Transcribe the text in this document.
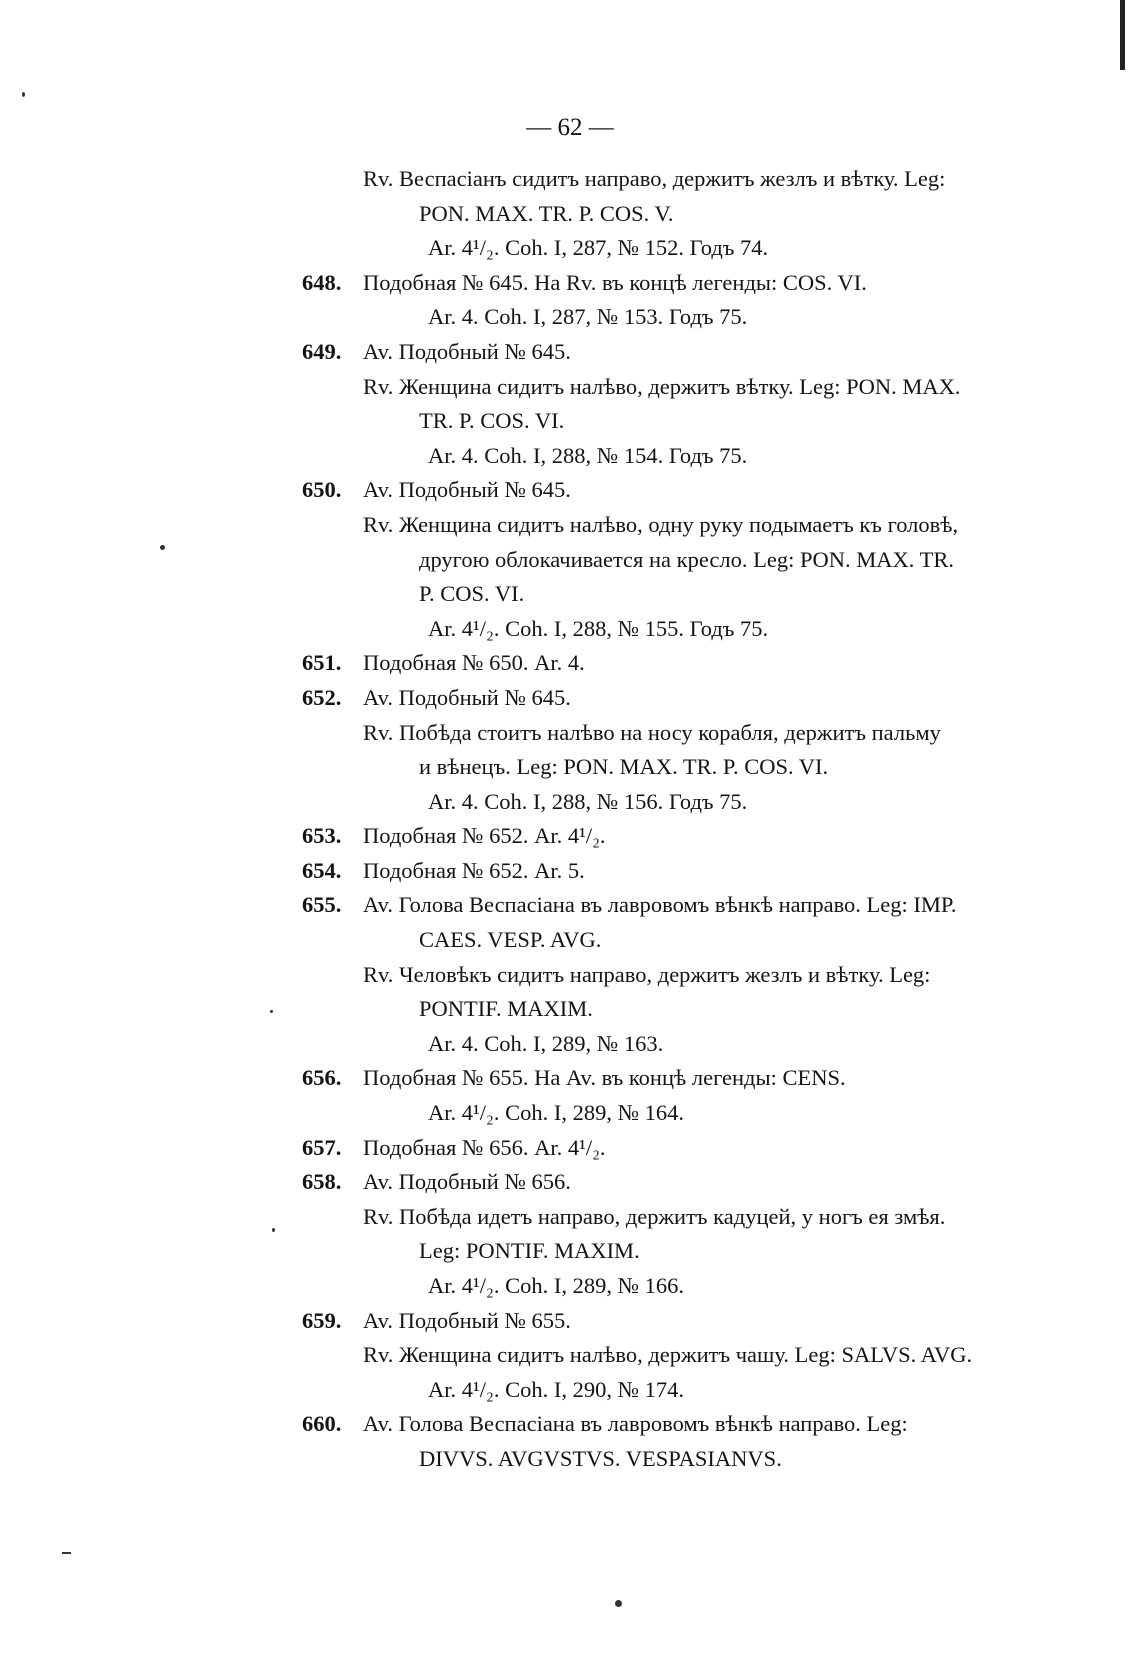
— 62 —
Rv. Веспасіанъ сидитъ направо, держитъ жезлъ и вѣтку. Leg:
PON. MAX. TR. P. COS. V.
Ar. 4¹/₂. Coh. I, 287, № 152. Годъ 74.
648. Подобная № 645. На Rv. въ концѣ легенды: COS. VI.
Ar. 4. Coh. I, 287, № 153. Годъ 75.
649. Av. Подобный № 645.
Rv. Женщина сидитъ налѣво, держитъ вѣтку. Leg: PON. MAX.
TR. P. COS. VI.
Ar. 4. Coh. I, 288, № 154. Годъ 75.
650. Av. Подобный № 645.
Rv. Женщина сидитъ налѣво, одну руку подымаетъ къ головѣ,
другою облокачивается на кресло. Leg: PON. MAX. TR.
P. COS. VI.
Ar. 4¹/₂. Coh. I, 288, № 155. Годъ 75.
651. Подобная № 650. Ar. 4.
652. Av. Подобный № 645.
Rv. Побѣда стоитъ налѣво на носу корабля, держитъ пальму
и вѣнецъ. Leg: PON. MAX. TR. P. COS. VI.
Ar. 4. Coh. I, 288, № 156. Годъ 75.
653. Подобная № 652. Ar. 4¹/₂.
654. Подобная № 652. Ar. 5.
655. Av. Голова Веспасіана въ лавровомъ вѣнкѣ направо. Leg: IMP.
CAES. VESP. AVG.
Rv. Человѣкъ сидитъ направо, держитъ жезлъ и вѣтку. Leg:
PONTIF. MAXIM.
Ar. 4. Coh. I, 289, № 163.
656. Подобная № 655. На Av. въ концѣ легенды: CENS.
Ar. 4¹/₂. Coh. I, 289, № 164.
657. Подобная № 656. Ar. 4¹/₂.
658. Av. Подобный № 656.
Rv. Побѣда идетъ направо, держитъ кадуцей, у ногъ ея змѣя.
Leg: PONTIF. MAXIM.
Ar. 4¹/₂. Coh. I, 289, № 166.
659. Av. Подобный № 655.
Rv. Женщина сидитъ налѣво, держитъ чашу. Leg: SALVS. AVG.
Ar. 4¹/₂. Coh. I, 290, № 174.
660. Av. Голова Веспасіана въ лавровомъ вѣнкѣ направо. Leg:
DIVVS. AVGVSTVS. VESPASIANVS.
